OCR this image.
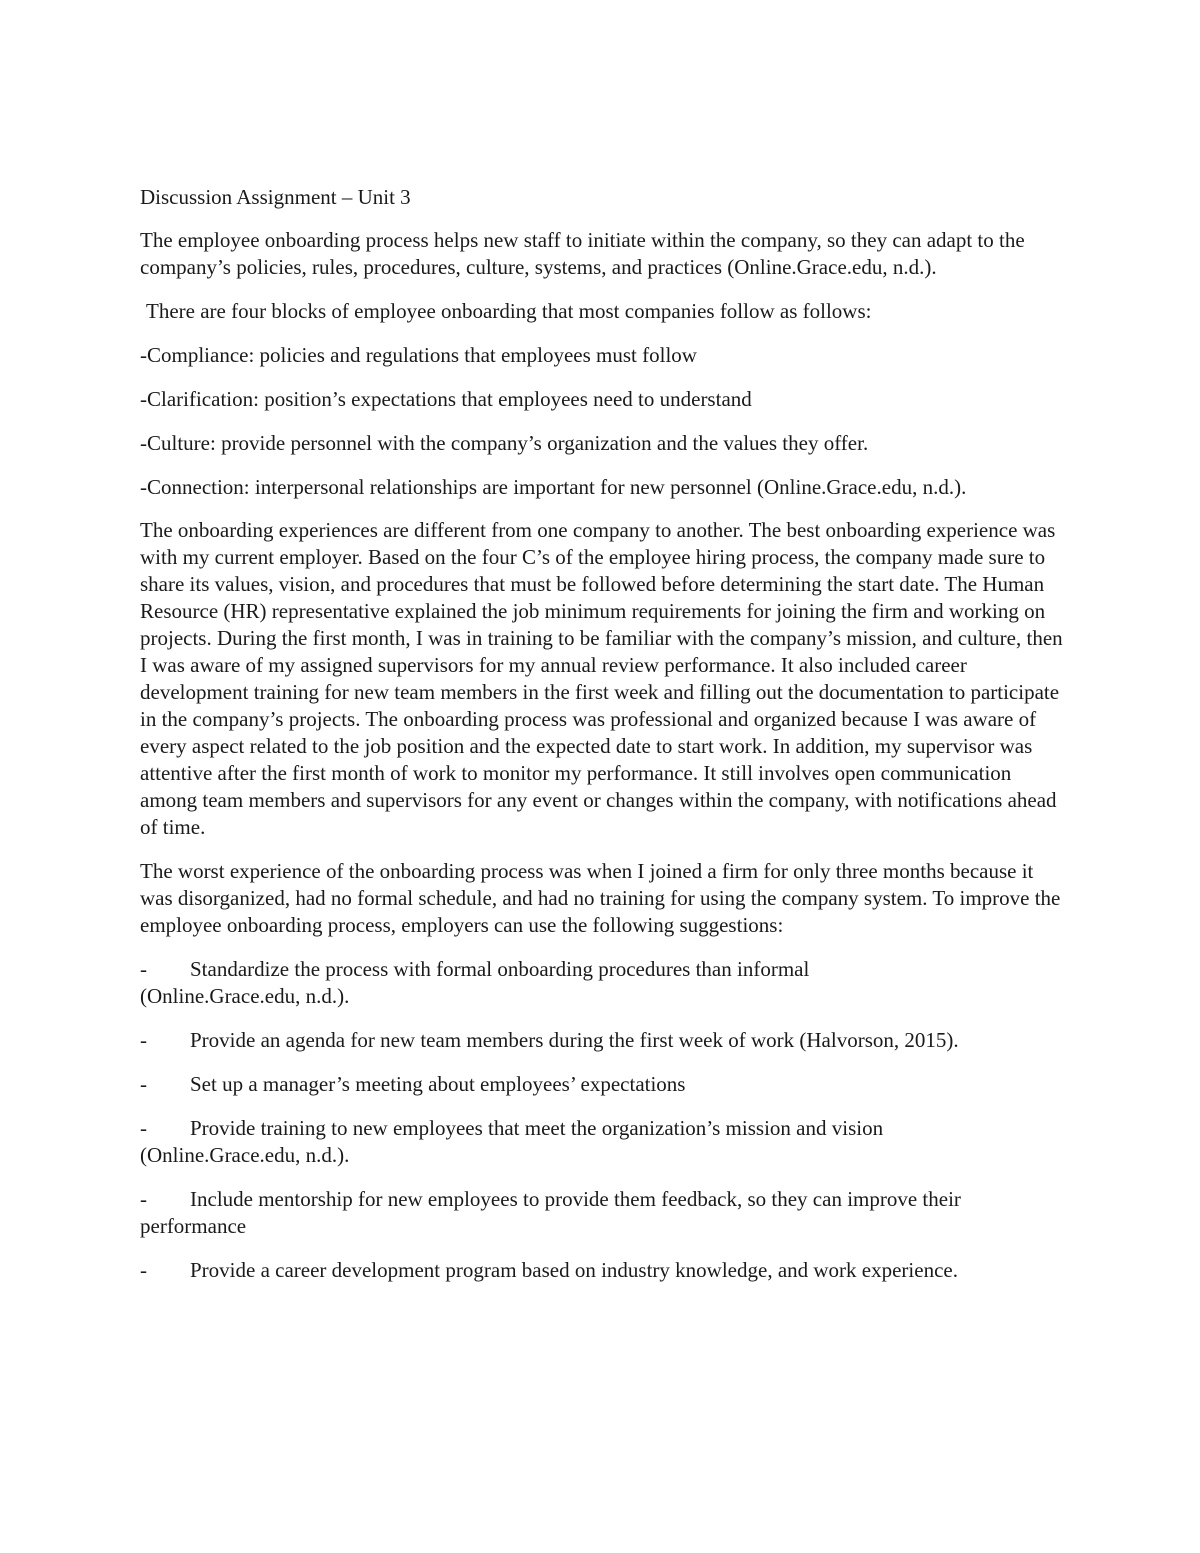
Discussion Assignment – Unit 3

The employee onboarding process helps new staff to initiate within the company, so they can adapt to the company’s policies, rules, procedures, culture, systems, and practices (Online.Grace.edu, n.d.).

There are four blocks of employee onboarding that most companies follow as follows:

-Compliance: policies and regulations that employees must follow

-Clarification: position’s expectations that employees need to understand

-Culture: provide personnel with the company’s organization and the values they offer.

-Connection: interpersonal relationships are important for new personnel (Online.Grace.edu, n.d.).

The onboarding experiences are different from one company to another. The best onboarding experience was with my current employer. Based on the four C’s of the employee hiring process, the company made sure to share its values, vision, and procedures that must be followed before determining the start date. The Human Resource (HR) representative explained the job minimum requirements for joining the firm and working on projects. During the first month, I was in training to be familiar with the company’s mission, and culture, then I was aware of my assigned supervisors for my annual review performance. It also included career development training for new team members in the first week and filling out the documentation to participate in the company’s projects. The onboarding process was professional and organized because I was aware of every aspect related to the job position and the expected date to start work. In addition, my supervisor was attentive after the first month of work to monitor my performance. It still involves open communication among team members and supervisors for any event or changes within the company, with notifications ahead of time.

The worst experience of the onboarding process was when I joined a firm for only three months because it was disorganized, had no formal schedule, and had no training for using the company system. To improve the employee onboarding process, employers can use the following suggestions:

- Standardize the process with formal onboarding procedures than informal
(Online.Grace.edu, n.d.).

- Provide an agenda for new team members during the first week of work (Halvorson, 2015).

- Set up a manager’s meeting about employees’ expectations

- Provide training to new employees that meet the organization’s mission and vision
(Online.Grace.edu, n.d.).

- Include mentorship for new employees to provide them feedback, so they can improve their performance

- Provide a career development program based on industry knowledge, and work experience.
